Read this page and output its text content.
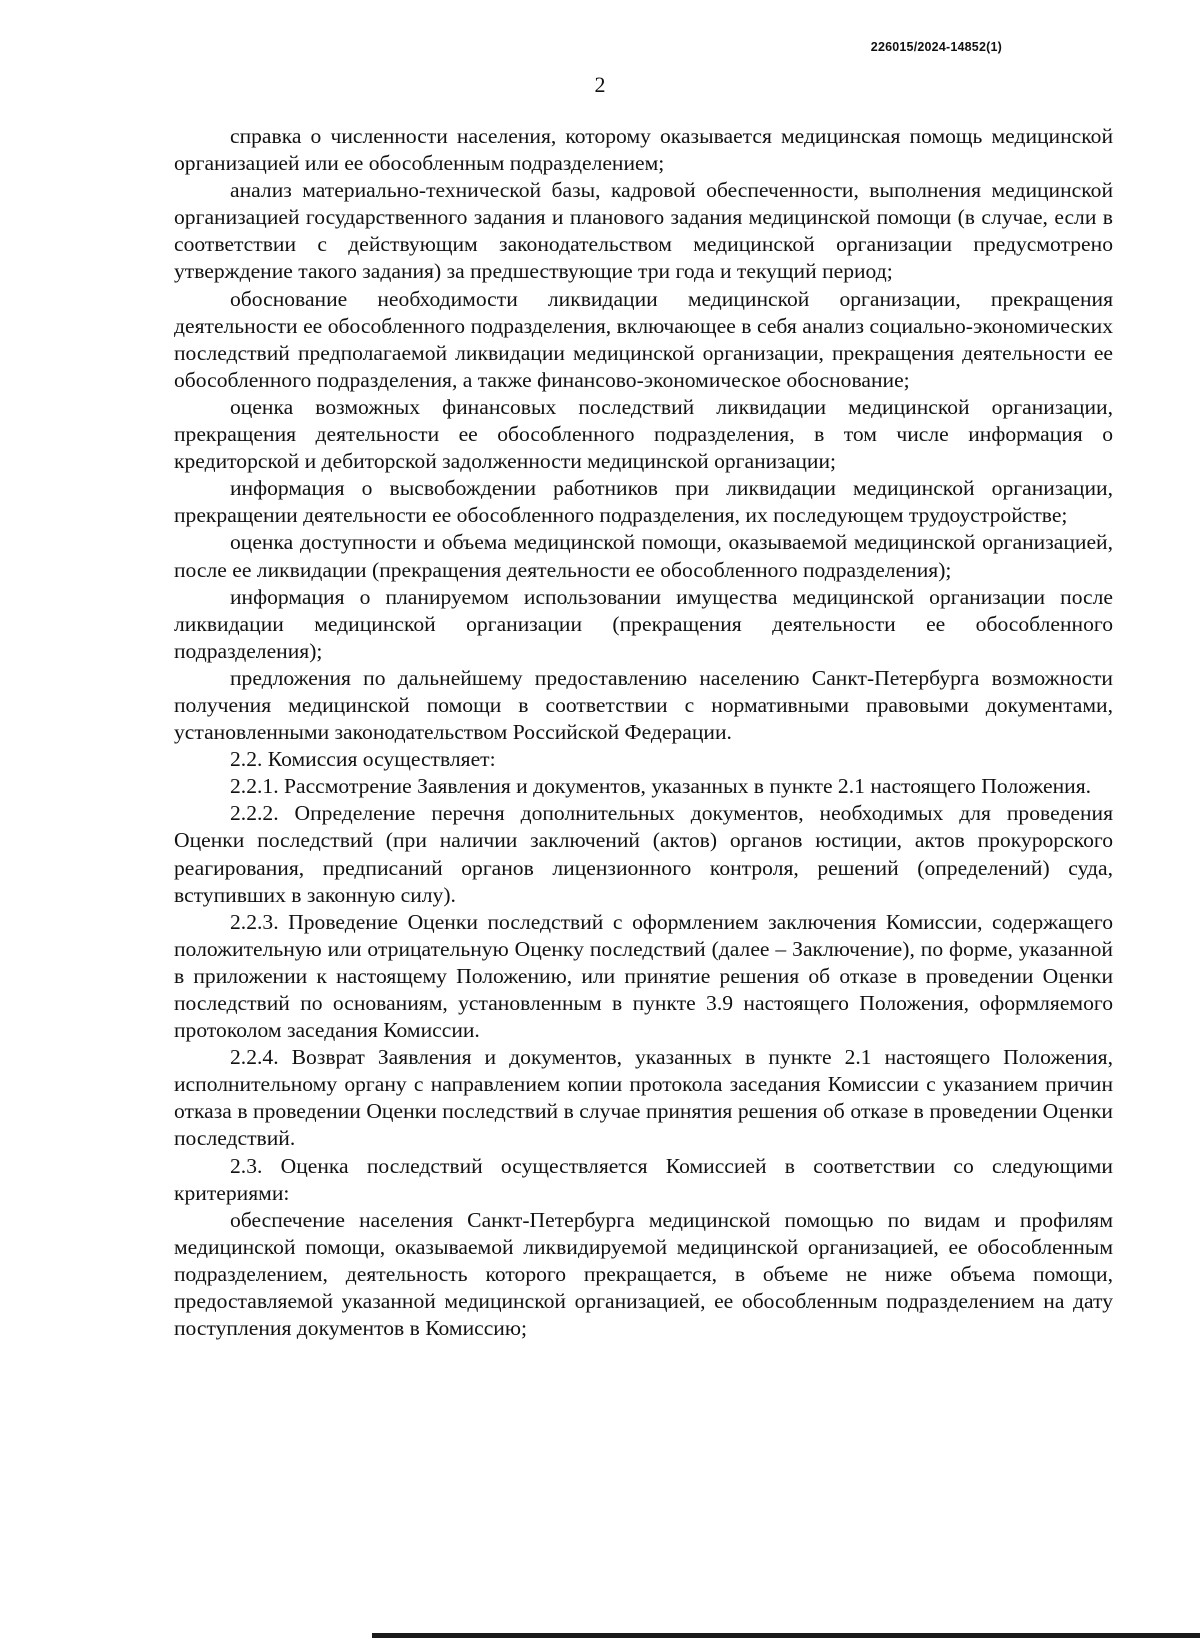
226015/2024-14852(1)
2

справка о численности населения, которому оказывается медицинская помощь медицинской организацией или ее обособленным подразделением;

анализ материально-технической базы, кадровой обеспеченности, выполнения медицинской организацией государственного задания и планового задания медицинской помощи (в случае, если в соответствии с действующим законодательством медицинской организации предусмотрено утверждение такого задания) за предшествующие три года и текущий период;

обоснование необходимости ликвидации медицинской организации, прекращения деятельности ее обособленного подразделения, включающее в себя анализ социально-экономических последствий предполагаемой ликвидации медицинской организации, прекращения деятельности ее обособленного подразделения, а также финансово-экономическое обоснование;

оценка возможных финансовых последствий ликвидации медицинской организации, прекращения деятельности ее обособленного подразделения, в том числе информация о кредиторской и дебиторской задолженности медицинской организации;

информация о высвобождении работников при ликвидации медицинской организации, прекращении деятельности ее обособленного подразделения, их последующем трудоустройстве;

оценка доступности и объема медицинской помощи, оказываемой медицинской организацией, после ее ликвидации (прекращения деятельности ее обособленного подразделения);

информация о планируемом использовании имущества медицинской организации после ликвидации медицинской организации (прекращения деятельности ее обособленного подразделения);

предложения по дальнейшему предоставлению населению Санкт-Петербурга возможности получения медицинской помощи в соответствии с нормативными правовыми документами, установленными законодательством Российской Федерации.

2.2. Комиссия осуществляет:

2.2.1. Рассмотрение Заявления и документов, указанных в пункте 2.1 настоящего Положения.

2.2.2. Определение перечня дополнительных документов, необходимых для проведения Оценки последствий (при наличии заключений (актов) органов юстиции, актов прокурорского реагирования, предписаний органов лицензионного контроля, решений (определений) суда, вступивших в законную силу).

2.2.3. Проведение Оценки последствий с оформлением заключения Комиссии, содержащего положительную или отрицательную Оценку последствий (далее – Заключение), по форме, указанной в приложении к настоящему Положению, или принятие решения об отказе в проведении Оценки последствий по основаниям, установленным в пункте 3.9 настоящего Положения, оформляемого протоколом заседания Комиссии.

2.2.4. Возврат Заявления и документов, указанных в пункте 2.1 настоящего Положения, исполнительному органу с направлением копии протокола заседания Комиссии с указанием причин отказа в проведении Оценки последствий в случае принятия решения об отказе в проведении Оценки последствий.

2.3. Оценка последствий осуществляется Комиссией в соответствии со следующими критериями:

обеспечение населения Санкт-Петербурга медицинской помощью по видам и профилям медицинской помощи, оказываемой ликвидируемой медицинской организацией, ее обособленным подразделением, деятельность которого прекращается, в объеме не ниже объема помощи, предоставляемой указанной медицинской организацией, ее обособленным подразделением на дату поступления документов в Комиссию;
